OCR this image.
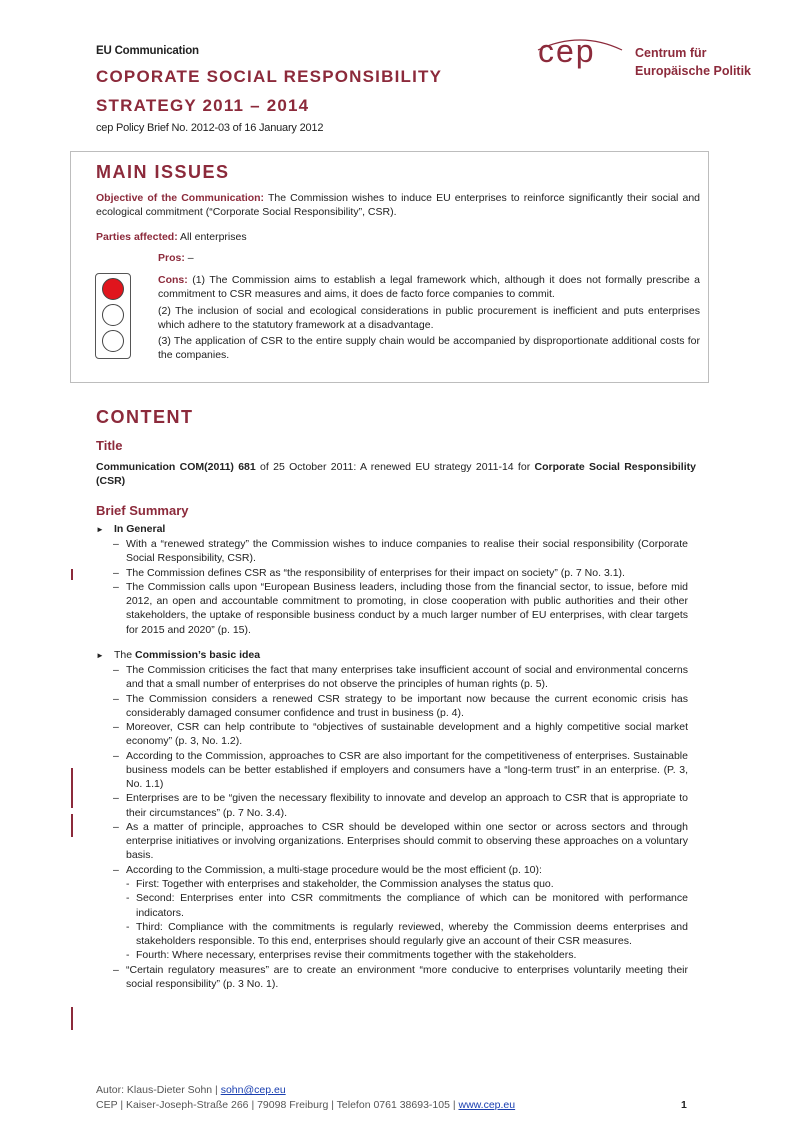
EU Communication
COPORATE SOCIAL RESPONSIBILITY
STRATEGY 2011 – 2014
cep Policy Brief No. 2012-03 of 16 January 2012
cep	Centrum für
Europäische Politik
MAIN ISSUES
Objective of the Communication: The Commission wishes to induce EU enterprises to reinforce significantly their social and ecological commitment (“Corporate Social Responsibility”, CSR).
Parties affected: All enterprises
Pros: –
Cons: (1) The Commission aims to establish a legal framework which, although it does not formally prescribe a commitment to CSR measures and aims, it does de facto force companies to commit.
(2) The inclusion of social and ecological considerations in public procurement is inefficient and puts enterprises which adhere to the statutory framework at a disadvantage.
(3) The application of CSR to the entire supply chain would be accompanied by disproportionate additional costs for the companies.
CONTENT
Title
Communication COM(2011) 681 of 25 October 2011: A renewed EU strategy 2011-14 for Corporate Social Responsibility (CSR)
Brief Summary
► In General
– With a “renewed strategy” the Commission wishes to induce companies to realise their social responsibility (Corporate Social Responsibility, CSR).
– The Commission defines CSR as “the responsibility of enterprises for their impact on society” (p. 7 No. 3.1).
– The Commission calls upon “European Business leaders, including those from the financial sector, to issue, before mid 2012, an open and accountable commitment to promoting, in close cooperation with public authorities and their other stakeholders, the uptake of responsible business conduct by a much larger number of EU enterprises, with clear targets for 2015 and 2020” (p. 15).
► The Commission’s basic idea
– The Commission criticises the fact that many enterprises take insufficient account of social and environmental concerns and that a small number of enterprises do not observe the principles of human rights (p. 5).
– The Commission considers a renewed CSR strategy to be important now because the current economic crisis has considerably damaged consumer confidence and trust in business (p. 4).
– Moreover, CSR can help contribute to “objectives of sustainable development and a highly competitive social market economy” (p. 3, No. 1.2).
– According to the Commission, approaches to CSR are also important for the competitiveness of enterprises. Sustainable business models can be better established if employers and consumers have a “long-term trust” in an enterprise. (P. 3, No. 1.1)
– Enterprises are to be “given the necessary flexibility to innovate and develop an approach to CSR that is appropriate to their circumstances” (p. 7 No. 3.4).
– As a matter of principle, approaches to CSR should be developed within one sector or across sectors and through enterprise initiatives or involving organizations. Enterprises should commit to observing these approaches on a voluntary basis.
– According to the Commission, a multi-stage procedure would be the most efficient (p. 10):
- First: Together with enterprises and stakeholder, the Commission analyses the status quo.
- Second: Enterprises enter into CSR commitments the compliance of which can be monitored with performance indicators.
- Third: Compliance with the commitments is regularly reviewed, whereby the Commission deems enterprises and stakeholders responsible. To this end, enterprises should regularly give an account of their CSR measures.
- Fourth: Where necessary, enterprises revise their commitments together with the stakeholders.
– “Certain regulatory measures” are to create an environment “more conducive to enterprises voluntarily meeting their social responsibility” (p. 3 No. 1).
Autor: Klaus-Dieter Sohn | sohn@cep.eu
CEP | Kaiser-Joseph-Straße 266 | 79098 Freiburg | Telefon 0761 38693-105 | www.cep.eu	1
